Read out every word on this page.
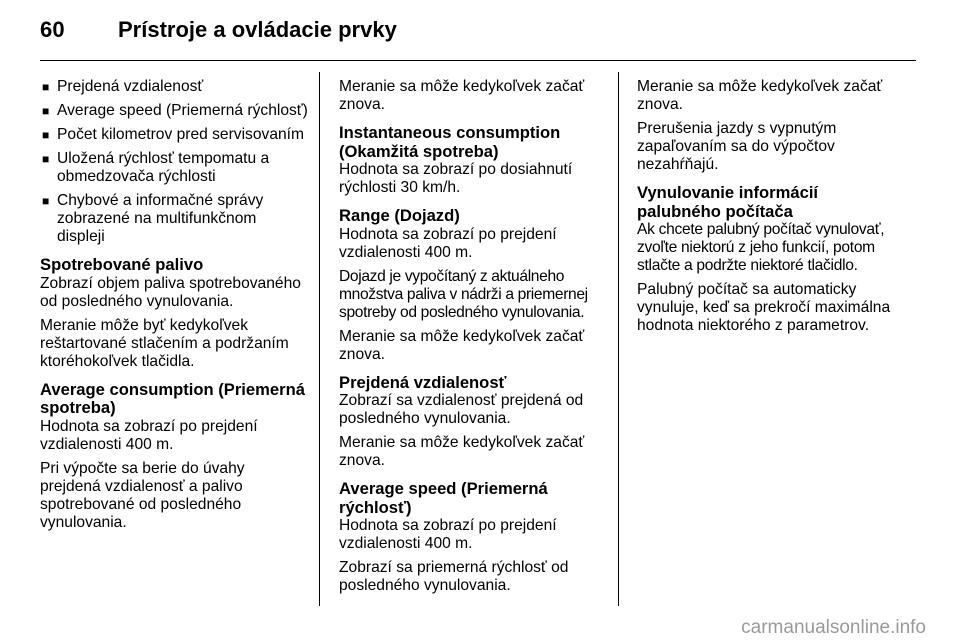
60 Prístroje a ovládacie prvky
■ Prejdená vzdialenosť
■ Average speed (Priemerná rýchlosť)
■ Počet kilometrov pred servisovaním
■ Uložená rýchlosť tempomatu a obmedzovača rýchlosti
■ Chybové a informačné správy zobrazené na multifunkčnom displeji
Spotrebované palivo

Zobrazí objem paliva spotrebovaného od posledného vynulovania.

Meranie môže byť kedykoľvek reštartované stlačením a podržaním ktoréhokoľvek tlačidla.

Average consumption (Priemerná spotreba)

Hodnota sa zobrazí po prejdení vzdialenosti 400 m.

Pri výpočte sa berie do úvahy prejdená vzdialenosť a palivo spotrebované od posledného vynulovania.

Meranie sa môže kedykoľvek začať znova.

Instantaneous consumption (Okamžitá spotreba)

Hodnota sa zobrazí po dosiahnutí rýchlosti 30 km/h.

Range (Dojazd)

Hodnota sa zobrazí po prejdení vzdialenosti 400 m.

Dojazd je vypočítaný z aktuálneho množstva paliva v nádrži a priemernej spotreby od posledného vynulovania.

Meranie sa môže kedykoľvek začať znova.

Prejdená vzdialenosť

Zobrazí sa vzdialenosť prejdená od posledného vynulovania.

Meranie sa môže kedykoľvek začať znova.

Average speed (Priemerná rýchlosť)

Hodnota sa zobrazí po prejdení vzdialenosti 400 m.

Zobrazí sa priemerná rýchlosť od posledného vynulovania.

Meranie sa môže kedykoľvek začať znova.

Prerušenia jazdy s vypnutým zapaľovaním sa do výpočtov nezahŕňajú.

Vynulovanie informácií palubného počítača

Ak chcete palubný počítač vynulovať, zvoľte niektorú z jeho funkcií, potom stlačte a podržte niektoré tlačidlo.

Palubný počítač sa automaticky vynuluje, keď sa prekročí maximálna hodnota niektorého z parametrov.

carmanualsonline.info
